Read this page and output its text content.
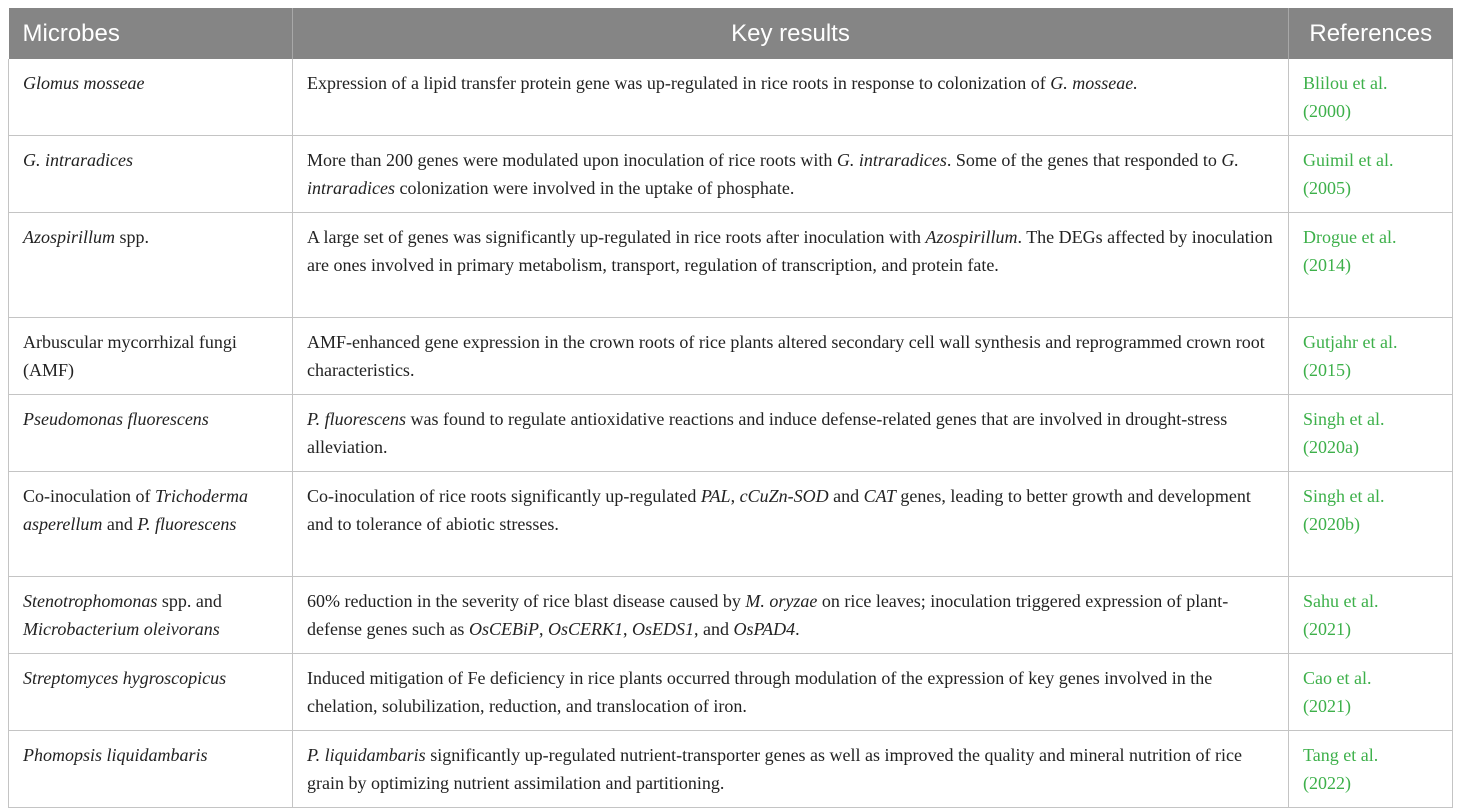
Microbes	Key results	References
Glomus mosseae	Expression of a lipid transfer protein gene was up-regulated in rice roots in response to colonization of G. mosseae.	Blilou et al.
(2000)
G. intraradices	More than 200 genes were modulated upon inoculation of rice roots with G. intraradices. Some of the genes that responded to G. intraradices colonization were involved in the uptake of phosphate.	Guimil et al.
(2005)
Azospirillum spp.	A large set of genes was significantly up-regulated in rice roots after inoculation with Azospirillum. The DEGs affected by inoculation are ones involved in primary metabolism, transport, regulation of transcription, and protein fate.	Drogue et al.
(2014)
Arbuscular mycorrhizal fungi (AMF)	AMF-enhanced gene expression in the crown roots of rice plants altered secondary cell wall synthesis and reprogrammed crown root characteristics.	Gutjahr et al.
(2015)
Pseudomonas fluorescens	P. fluorescens was found to regulate antioxidative reactions and induce defense-related genes that are involved in drought-stress alleviation.	Singh et al.
(2020a)
Co-inoculation of Trichoderma asperellum and P. fluorescens	Co-inoculation of rice roots significantly up-regulated PAL, cCuZn-SOD and CAT genes, leading to better growth and development and to tolerance of abiotic stresses.	Singh et al.
(2020b)
Stenotrophomonas spp. and Microbacterium oleivorans	60% reduction in the severity of rice blast disease caused by M. oryzae on rice leaves; inoculation triggered expression of plant-defense genes such as OsCEBiP, OsCERK1, OsEDS1, and OsPAD4.	Sahu et al.
(2021)
Streptomyces hygroscopicus	Induced mitigation of Fe deficiency in rice plants occurred through modulation of the expression of key genes involved in the chelation, solubilization, reduction, and translocation of iron.	Cao et al.
(2021)
Phomopsis liquidambaris	P. liquidambaris significantly up-regulated nutrient-transporter genes as well as improved the quality and mineral nutrition of rice grain by optimizing nutrient assimilation and partitioning.	Tang et al.
(2022)
